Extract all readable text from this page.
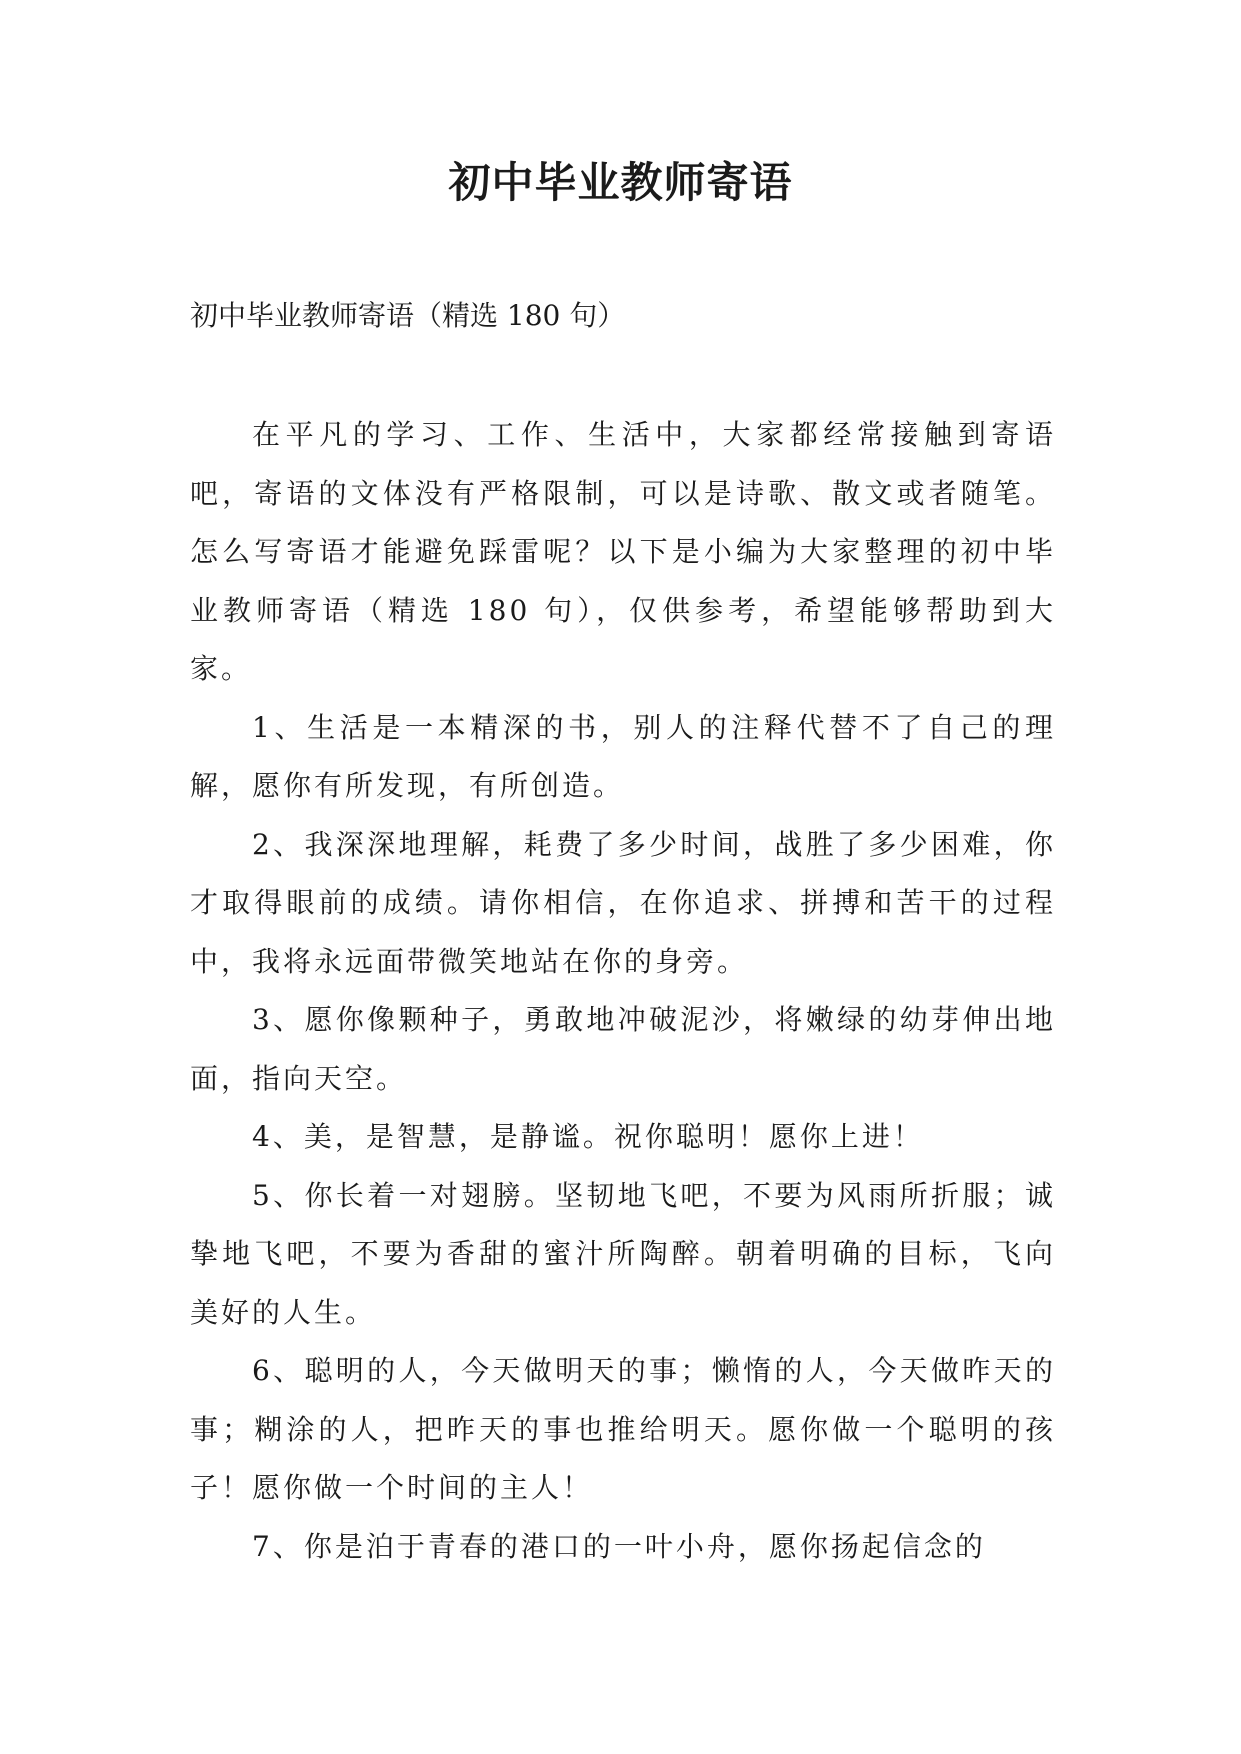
初中毕业教师寄语
初中毕业教师寄语（精选 180 句）

在平凡的学习、工作、生活中，大家都经常接触到寄语吧，寄语的文体没有严格限制，可以是诗歌、散文或者随笔。怎么写寄语才能避免踩雷呢？以下是小编为大家整理的初中毕业教师寄语（精选 180 句），仅供参考，希望能够帮助到大家。

1、生活是一本精深的书，别人的注释代替不了自己的理解，愿你有所发现，有所创造。

2、我深深地理解，耗费了多少时间，战胜了多少困难，你才取得眼前的成绩。请你相信，在你追求、拼搏和苦干的过程中，我将永远面带微笑地站在你的身旁。

3、愿你像颗种子，勇敢地冲破泥沙，将嫩绿的幼芽伸出地面，指向天空。

4、美，是智慧，是静谧。祝你聪明！愿你上进！

5、你长着一对翅膀。坚韧地飞吧，不要为风雨所折服；诚挚地飞吧，不要为香甜的蜜汁所陶醉。朝着明确的目标，飞向美好的人生。

6、聪明的人，今天做明天的事；懒惰的人，今天做昨天的事；糊涂的人，把昨天的事也推给明天。愿你做一个聪明的孩子！愿你做一个时间的主人！

7、你是泊于青春的港口的一叶小舟，愿你扬起信念的
